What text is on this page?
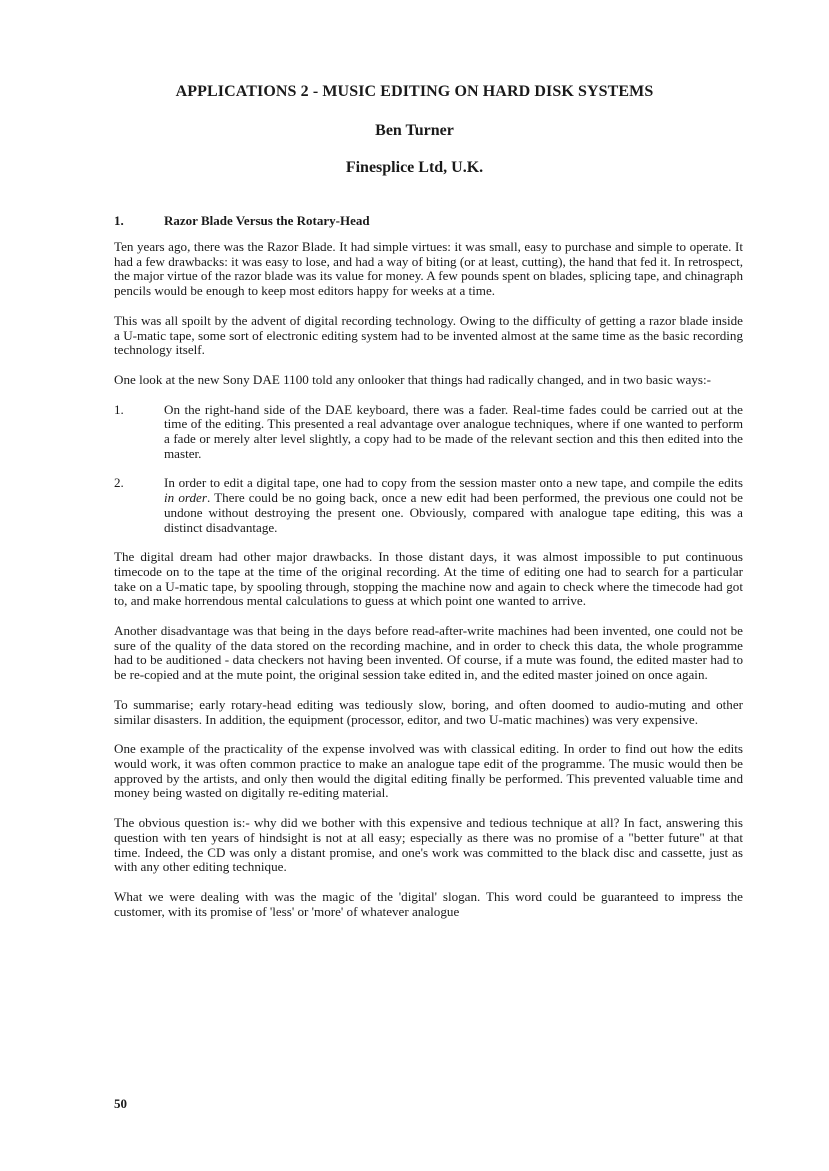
APPLICATIONS 2 - MUSIC EDITING ON HARD DISK SYSTEMS
Ben Turner
Finesplice Ltd, U.K.
1.	Razor Blade Versus the Rotary-Head

Ten years ago, there was the Razor Blade. It had simple virtues: it was small, easy to purchase and simple to operate. It had a few drawbacks: it was easy to lose, and had a way of biting (or at least, cutting), the hand that fed it. In retrospect, the major virtue of the razor blade was its value for money. A few pounds spent on blades, splicing tape, and chinagraph pencils would be enough to keep most editors happy for weeks at a time.

This was all spoilt by the advent of digital recording technology. Owing to the difficulty of getting a razor blade inside a U-matic tape, some sort of electronic editing system had to be invented almost at the same time as the basic recording technology itself.

One look at the new Sony DAE 1100 told any onlooker that things had radically changed, and in two basic ways:-

1.	On the right-hand side of the DAE keyboard, there was a fader. Real-time fades could be carried out at the time of the editing. This presented a real advantage over analogue techniques, where if one wanted to perform a fade or merely alter level slightly, a copy had to be made of the relevant section and this then edited into the master.
2.	In order to edit a digital tape, one had to copy from the session master onto a new tape, and compile the edits in order. There could be no going back, once a new edit had been performed, the previous one could not be undone without destroying the present one. Obviously, compared with analogue tape editing, this was a distinct disadvantage.

The digital dream had other major drawbacks. In those distant days, it was almost impossible to put continuous timecode on to the tape at the time of the original recording. At the time of editing one had to search for a particular take on a U-matic tape, by spooling through, stopping the machine now and again to check where the timecode had got to, and make horrendous mental calculations to guess at which point one wanted to arrive.

Another disadvantage was that being in the days before read-after-write machines had been invented, one could not be sure of the quality of the data stored on the recording machine, and in order to check this data, the whole programme had to be auditioned - data checkers not having been invented. Of course, if a mute was found, the edited master had to be re-copied and at the mute point, the original session take edited in, and the edited master joined on once again.

To summarise; early rotary-head editing was tediously slow, boring, and often doomed to audio-muting and other similar disasters. In addition, the equipment (processor, editor, and two U-matic machines) was very expensive.

One example of the practicality of the expense involved was with classical editing. In order to find out how the edits would work, it was often common practice to make an analogue tape edit of the programme. The music would then be approved by the artists, and only then would the digital editing finally be performed. This prevented valuable time and money being wasted on digitally re-editing material.

The obvious question is:- why did we bother with this expensive and tedious technique at all? In fact, answering this question with ten years of hindsight is not at all easy; especially as there was no promise of a "better future" at that time. Indeed, the CD was only a distant promise, and one's work was committed to the black disc and cassette, just as with any other editing technique.

What we were dealing with was the magic of the 'digital' slogan. This word could be guaranteed to impress the customer, with its promise of 'less' or 'more' of whatever analogue

50
